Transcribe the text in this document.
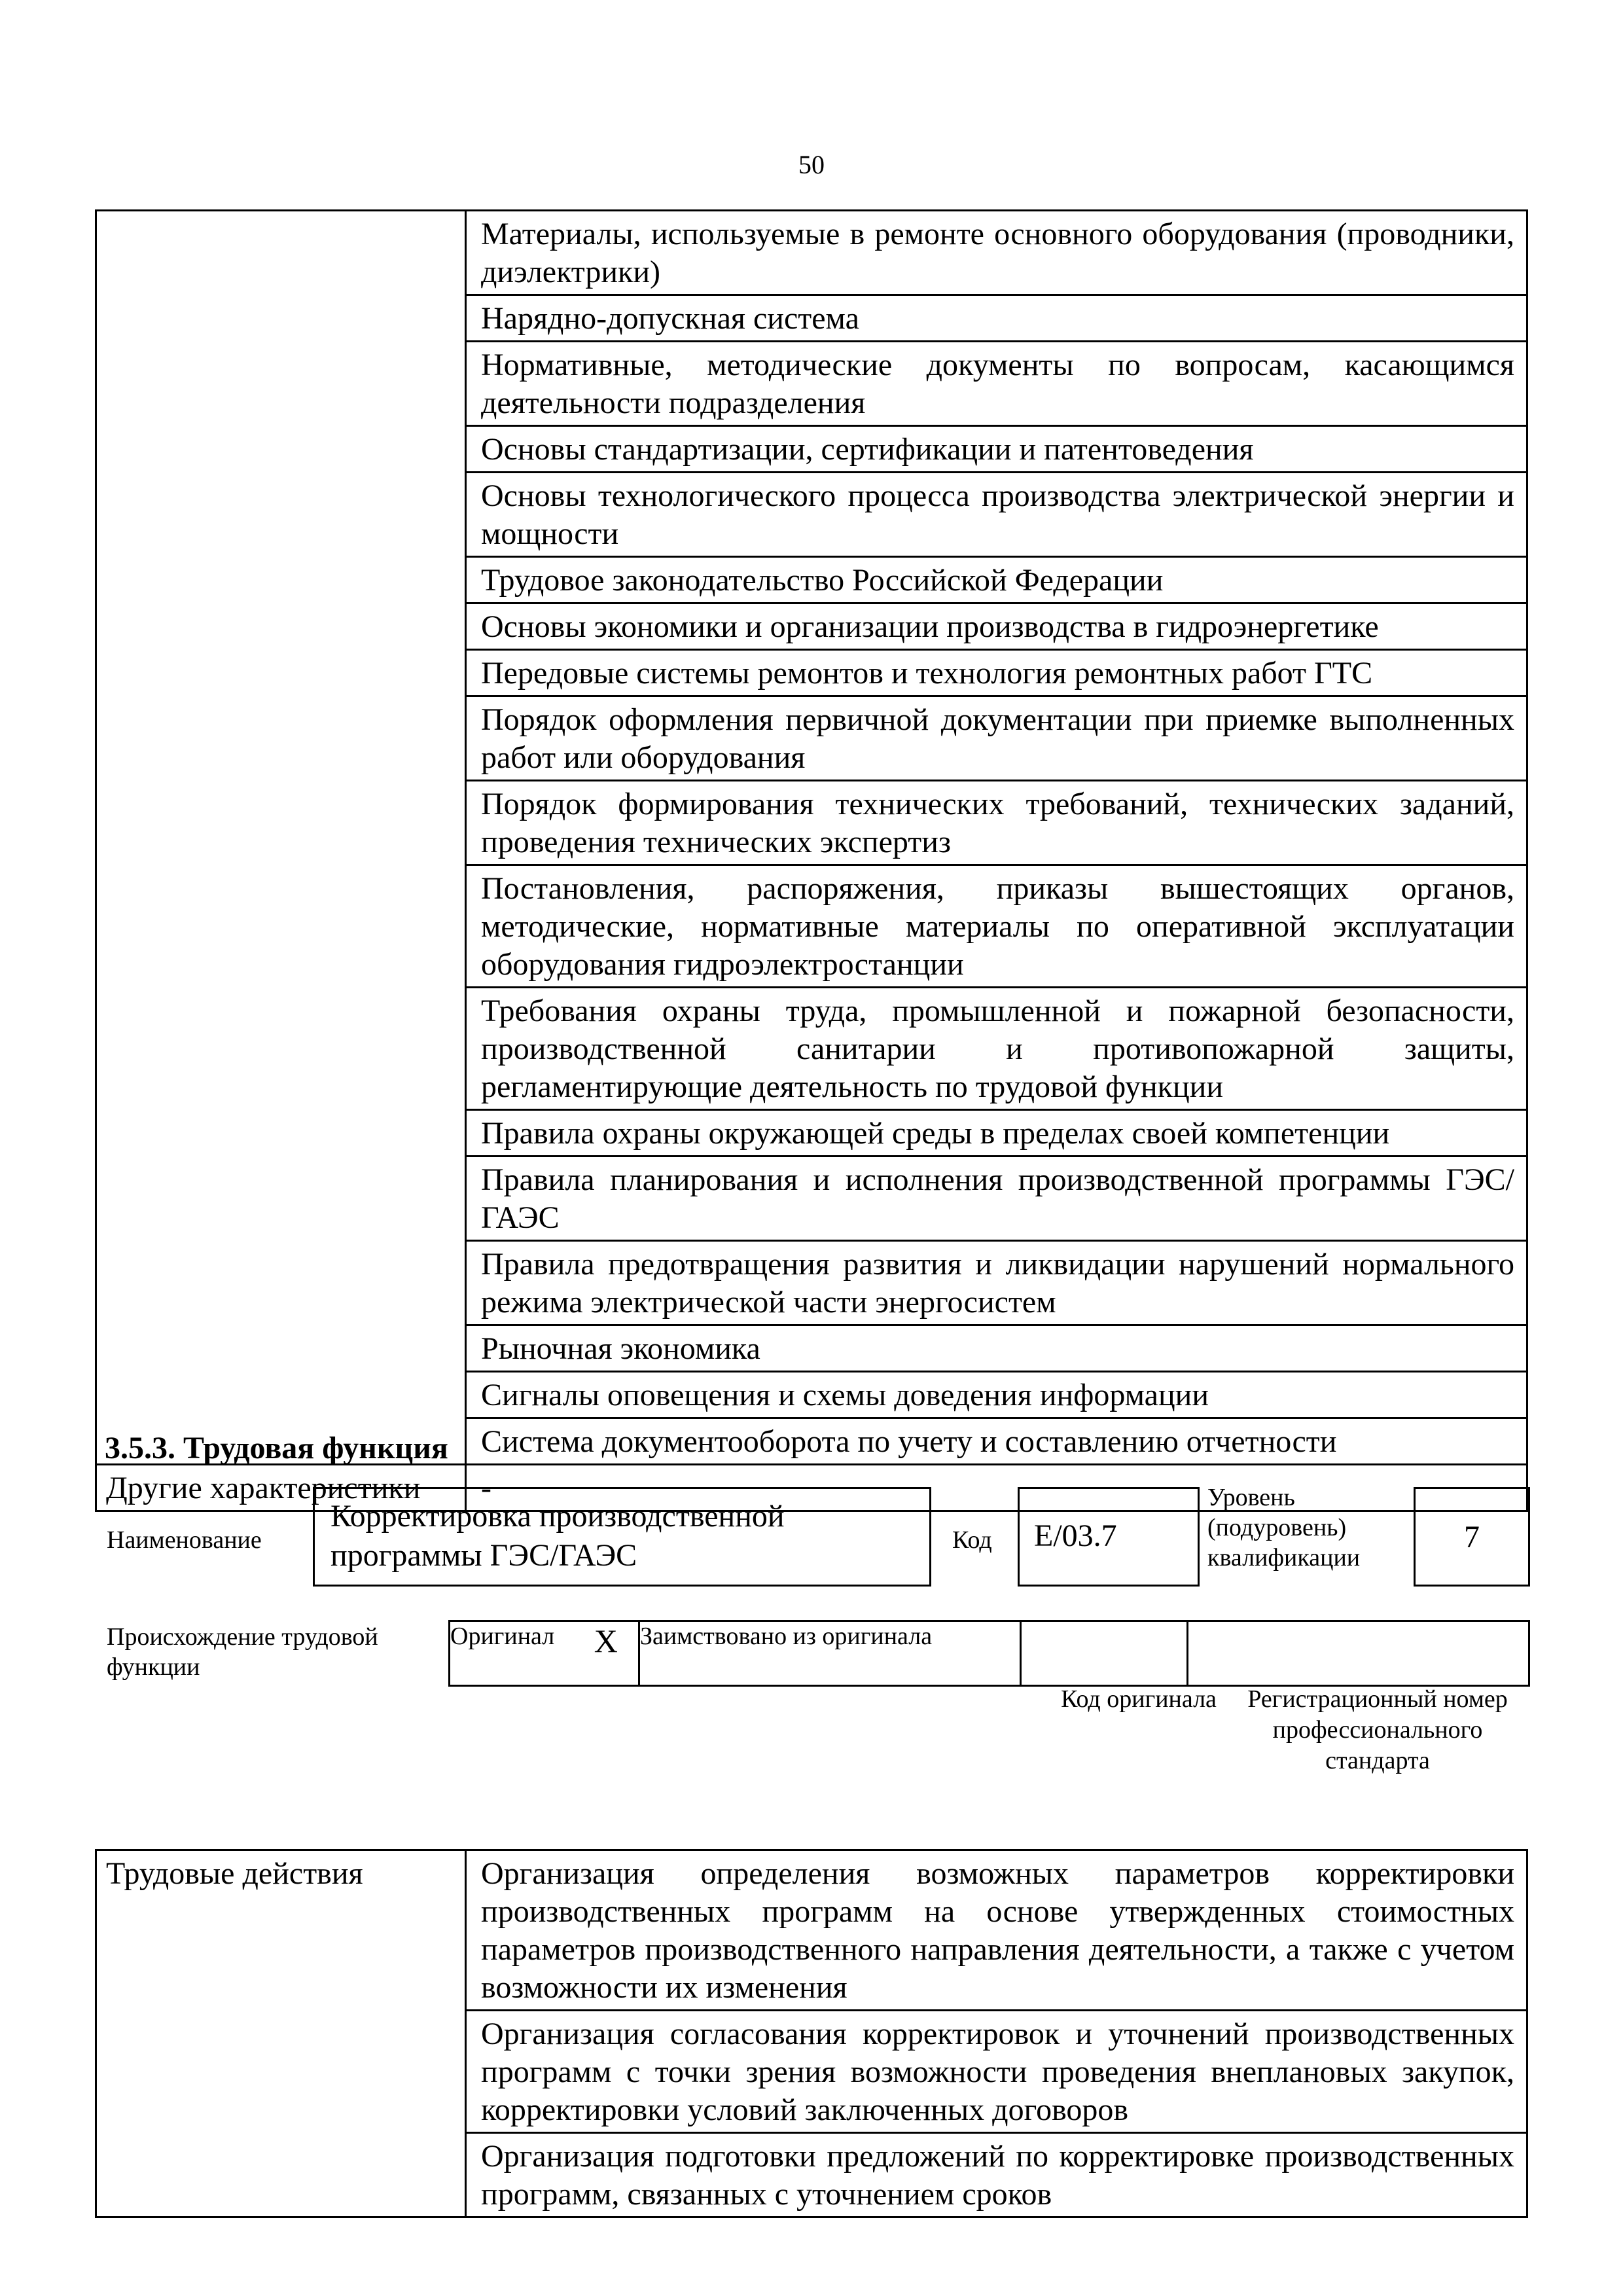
50

	Материалы, используемые в ремонте основного оборудования (проводники, диэлектрики)

	Нарядно-допускная система

	Нормативные, методические документы по вопросам, касающимся деятельности подразделения

	Основы стандартизации, сертификации и патентоведения

	Основы технологического процесса производства электрической энергии и мощности

	Трудовое законодательство Российской Федерации

	Основы экономики и организации производства в гидроэнергетике

	Передовые системы ремонтов и технология ремонтных работ ГТС

	Порядок оформления первичной документации при приемке выполненных работ или оборудования

	Порядок формирования технических требований, технических заданий, проведения технических экспертиз

	Постановления, распоряжения, приказы вышестоящих органов, методические, нормативные материалы по оперативной эксплуатации оборудования гидроэлектростанции

	Требования охраны труда, промышленной и пожарной безопасности, производственной санитарии и противопожарной защиты, регламентирующие деятельность по трудовой функции

	Правила охраны окружающей среды в пределах своей компетенции

	Правила планирования и исполнения производственной программы ГЭС/ГАЭС

	Правила предотвращения развития и ликвидации нарушений нормального режима электрической части энергосистем

	Рыночная экономика

	Сигналы оповещения и схемы доведения информации

	Система документооборота по учету и составлению отчетности

Другие характеристики	-
3.5.3. Трудовая функция
Наименование
Корректировка производственной программы ГЭС/ГАЭС	Код	Е/03.7
Уровень (подуровень) квалификации
7
Происхождение трудовой функции
Оригинал	X	Заимствовано из оригинала		
Код оригинала Регистрационный номер профессионального стандарта
Трудовые действия	Организация определения возможных параметров корректировки производственных программ на основе утвержденных стоимостных параметров производственного направления деятельности, а также с учетом возможности их изменения

Организация согласования корректировок и уточнений производственных программ с точки зрения возможности проведения внеплановых закупок, корректировки условий заключенных договоров

Организация подготовки предложений по корректировке производственных программ, связанных с уточнением сроков
